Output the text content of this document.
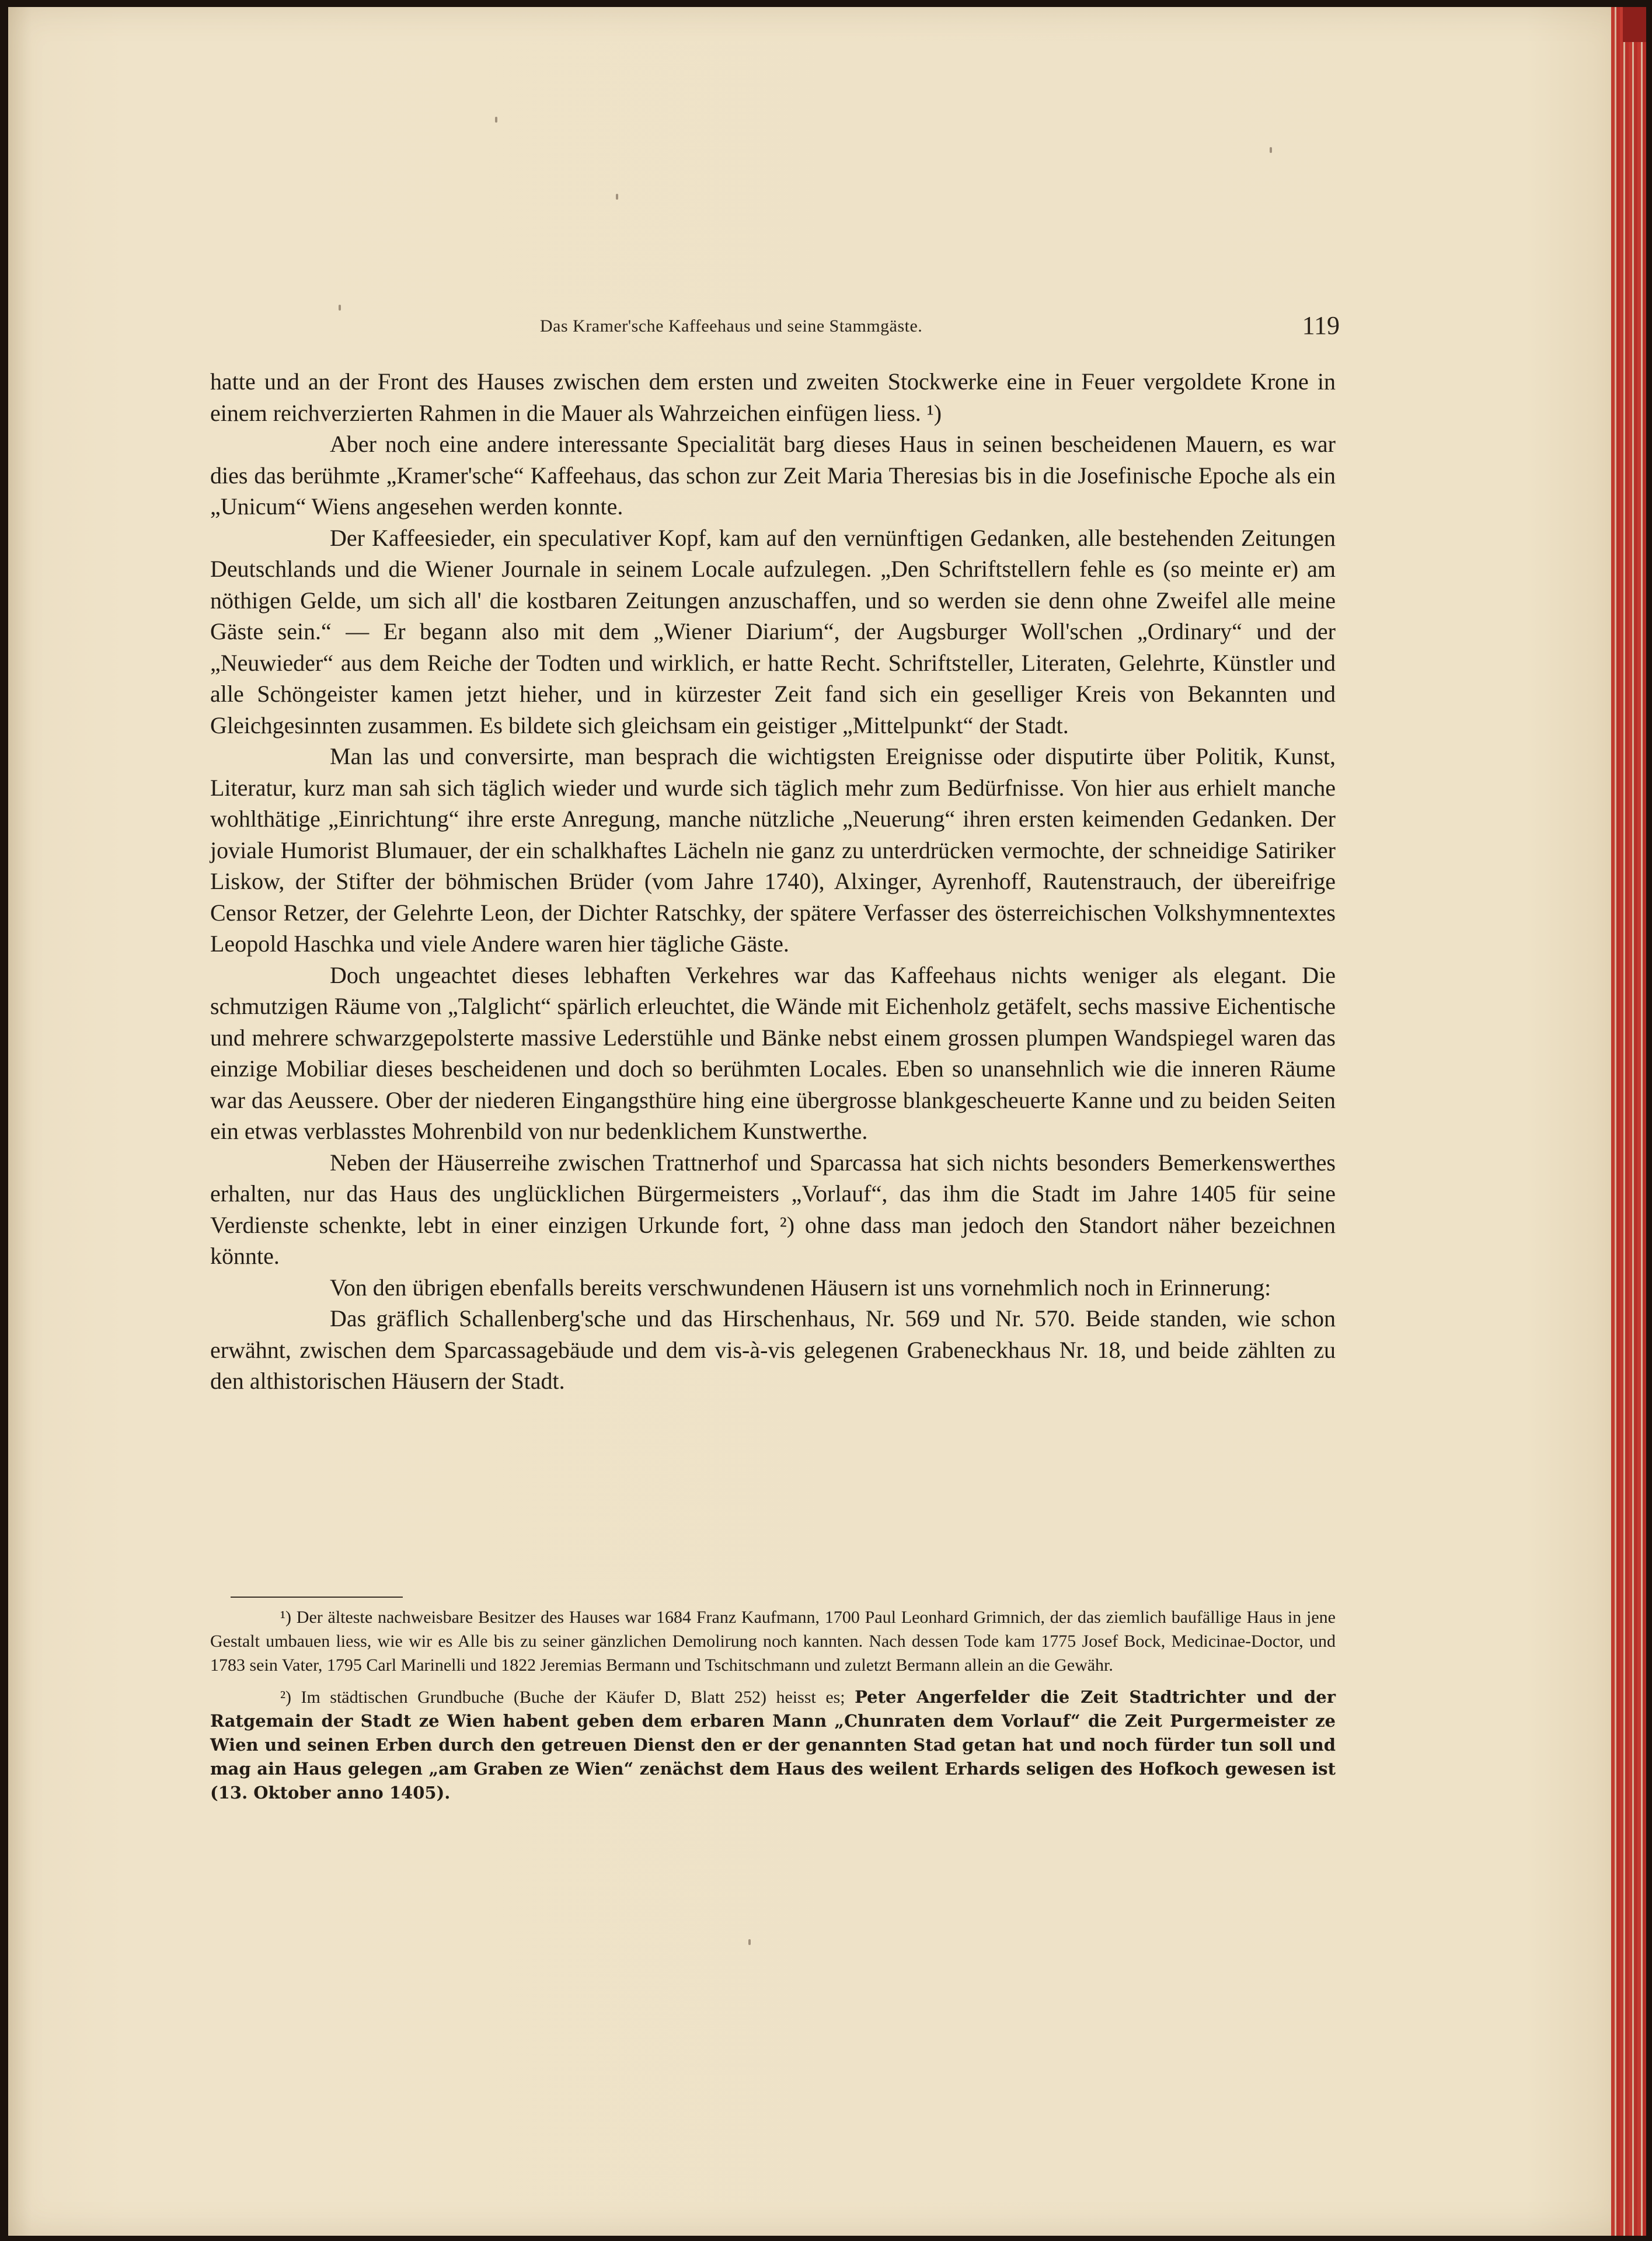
Das Kramer'sche Kaffeehaus und seine Stammgäste.	119

hatte und an der Front des Hauses zwischen dem ersten und zweiten Stockwerke eine in Feuer vergoldete Krone in einem reichverzierten Rahmen in die Mauer als Wahrzeichen einfügen liess. ¹)

Aber noch eine andere interessante Specialität barg dieses Haus in seinen bescheidenen Mauern, es war dies das berühmte „Kramer'sche“ Kaffeehaus, das schon zur Zeit Maria Theresias bis in die Josefinische Epoche als ein „Unicum“ Wiens angesehen werden konnte.

Der Kaffeesieder, ein speculativer Kopf, kam auf den vernünftigen Gedanken, alle bestehenden Zeitungen Deutschlands und die Wiener Journale in seinem Locale aufzulegen. „Den Schriftstellern fehle es (so meinte er) am nöthigen Gelde, um sich all' die kostbaren Zeitungen anzuschaffen, und so werden sie denn ohne Zweifel alle meine Gäste sein.“ — Er begann also mit dem „Wiener Diarium“, der Augsburger Woll'schen „Ordinary“ und der „Neuwieder“ aus dem Reiche der Todten und wirklich, er hatte Recht. Schriftsteller, Literaten, Gelehrte, Künstler und alle Schöngeister kamen jetzt hieher, und in kürzester Zeit fand sich ein geselliger Kreis von Bekannten und Gleichgesinnten zusammen. Es bildete sich gleichsam ein geistiger „Mittelpunkt“ der Stadt.

Man las und conversirte, man besprach die wichtigsten Ereignisse oder disputirte über Politik, Kunst, Literatur, kurz man sah sich täglich wieder und wurde sich täglich mehr zum Bedürfnisse. Von hier aus erhielt manche wohlthätige „Einrichtung“ ihre erste Anregung, manche nützliche „Neuerung“ ihren ersten keimenden Gedanken. Der joviale Humorist Blumauer, der ein schalkhaftes Lächeln nie ganz zu unterdrücken vermochte, der schneidige Satiriker Liskow, der Stifter der böhmischen Brüder (vom Jahre 1740), Alxinger, Ayrenhoff, Rautenstrauch, der übereifrige Censor Retzer, der Gelehrte Leon, der Dichter Ratschky, der spätere Verfasser des österreichischen Volkshymnentextes Leopold Haschka und viele Andere waren hier tägliche Gäste.

Doch ungeachtet dieses lebhaften Verkehres war das Kaffeehaus nichts weniger als elegant. Die schmutzigen Räume von „Talglicht“ spärlich erleuchtet, die Wände mit Eichenholz getäfelt, sechs massive Eichentische und mehrere schwarzgepolsterte massive Lederstühle und Bänke nebst einem grossen plumpen Wandspiegel waren das einzige Mobiliar dieses bescheidenen und doch so berühmten Locales. Eben so unansehnlich wie die inneren Räume war das Aeussere. Ober der niederen Eingangsthüre hing eine übergrosse blankgescheuerte Kanne und zu beiden Seiten ein etwas verblasstes Mohrenbild von nur bedenklichem Kunstwerthe.

Neben der Häuserreihe zwischen Trattnerhof und Sparcassa hat sich nichts besonders Bemerkenswerthes erhalten, nur das Haus des unglücklichen Bürgermeisters „Vorlauf“, das ihm die Stadt im Jahre 1405 für seine Verdienste schenkte, lebt in einer einzigen Urkunde fort, ²) ohne dass man jedoch den Standort näher bezeichnen könnte.

Von den übrigen ebenfalls bereits verschwundenen Häusern ist uns vornehmlich noch in Erinnerung:

Das gräflich Schallenberg'sche und das Hirschenhaus, Nr. 569 und Nr. 570. Beide standen, wie schon erwähnt, zwischen dem Sparcassagebäude und dem vis-à-vis gelegenen Grabeneckhaus Nr. 18, und beide zählten zu den althistorischen Häusern der Stadt.

¹) Der älteste nachweisbare Besitzer des Hauses war 1684 Franz Kaufmann, 1700 Paul Leonhard Grimnich, der das ziemlich baufällige Haus in jene Gestalt umbauen liess, wie wir es Alle bis zu seiner gänzlichen Demolirung noch kannten. Nach dessen Tode kam 1775 Josef Bock, Medicinae-Doctor, und 1783 sein Vater, 1795 Carl Marinelli und 1822 Jeremias Bermann und Tschitschmann und zuletzt Bermann allein an die Gewähr.

²) Im städtischen Grundbuche (Buche der Käufer D, Blatt 252) heisst es; Peter Angerfelder die Zeit Stadtrichter und der Ratgemain der Stadt ze Wien habent geben dem erbaren Mann „Chunraten dem Vorlauf“ die Zeit Purgermeister ze Wien und seinen Erben durch den getreuen Dienst den er der genannten Stad getan hat und noch fürder tun soll und mag ain Haus gelegen „am Graben ze Wien“ zenächst dem Haus des weilent Erhards seligen des Hofkoch gewesen ist (13. Oktober anno 1405).
